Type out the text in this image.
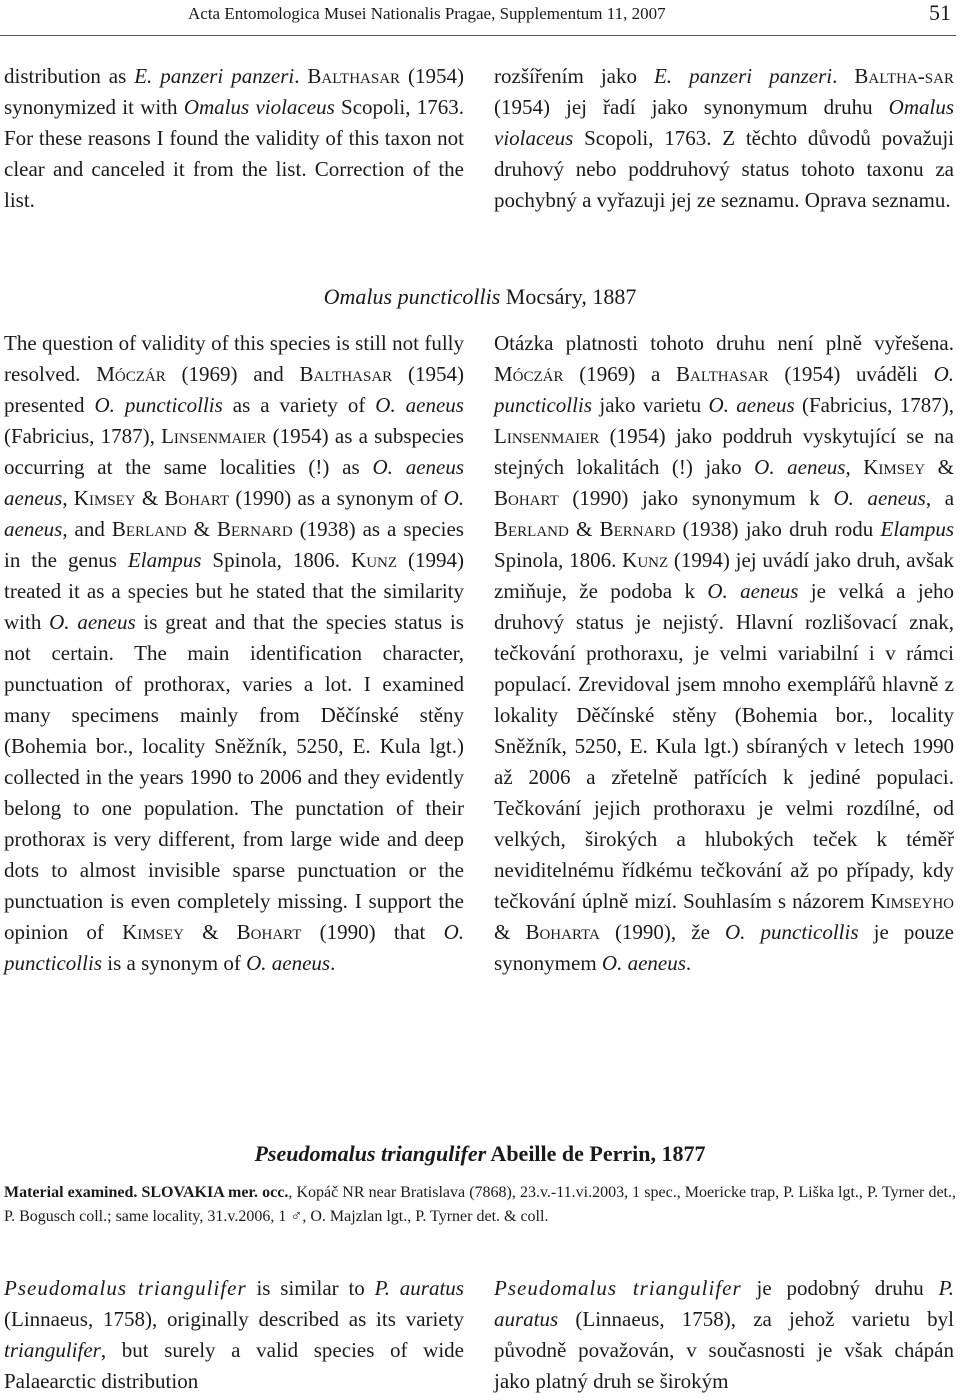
Acta Entomologica Musei Nationalis Pragae, Supplementum 11, 2007	51

distribution as E. panzeri panzeri. Balthasar (1954) synonymized it with Omalus violaceus Scopoli, 1763. For these reasons I found the validity of this taxon not clear and canceled it from the list. Correction of the list.

rozšířením jako E. panzeri panzeri. Baltha-sar (1954) jej řadí jako synonymum druhu Omalus violaceus Scopoli, 1763. Z těchto důvodů považuji druhový nebo poddruhový status tohoto taxonu za pochybný a vyřazuji jej ze seznamu. Oprava seznamu.

Omalus puncticollis Mocsáry, 1887

The question of validity of this species is still not fully resolved. Móczár (1969) and Balthasar (1954) presented O. puncticollis as a variety of O. aeneus (Fabricius, 1787), Linsenmaier (1954) as a subspecies occurring at the same localities (!) as O. aeneus aeneus, Kimsey & Bohart (1990) as a synonym of O. aeneus, and Berland & Bernard (1938) as a species in the genus Elampus Spinola, 1806. Kunz (1994) treated it as a species but he stated that the similarity with O. aeneus is great and that the species status is not certain. The main identification character, punctuation of prothorax, varies a lot. I examined many specimens mainly from Děčínské stěny (Bohemia bor., locality Sněžník, 5250, E. Kula lgt.) collected in the years 1990 to 2006 and they evidently belong to one population. The punctation of their prothorax is very different, from large wide and deep dots to almost invisible sparse punctuation or the punctuation is even completely missing. I support the opinion of Kimsey & Bohart (1990) that O. puncticollis is a synonym of O. aeneus.

Otázka platnosti tohoto druhu není plně vyřešena. Móczár (1969) a Balthasar (1954) uváděli O. puncticollis jako varietu O. aeneus (Fabricius, 1787), Linsenmaier (1954) jako poddruh vyskytující se na stejných lokalitách (!) jako O. aeneus, Kimsey & Bohart (1990) jako synonymum k O. aeneus, a Berland & Bernard (1938) jako druh rodu Elampus Spinola, 1806. Kunz (1994) jej uvádí jako druh, avšak zmiňuje, že podoba k O. aeneus je velká a jeho druhový status je nejistý. Hlavní rozlišovací znak, tečkování prothoraxu, je velmi variabilní i v rámci populací. Zrevidoval jsem mnoho exemplářů hlavně z lokality Děčínské stěny (Bohemia bor., locality Sněžník, 5250, E. Kula lgt.) sbíraných v letech 1990 až 2006 a zřetelně patřících k jediné populaci. Tečkování jejich prothoraxu je velmi rozdílné, od velkých, širokých a hlubokých teček k téměř neviditelnému řídkému tečkování až po případy, kdy tečkování úplně mizí. Souhlasím s názorem Kimseyho & Boharta (1990), že O. puncticollis je pouze synonymem O. aeneus.

Pseudomalus triangulifer Abeille de Perrin, 1877

Material examined. SLOVAKIA mer. occ., Kopáč NR near Bratislava (7868), 23.v.-11.vi.2003, 1 spec., Moericke trap, P. Liška lgt., P. Tyrner det., P. Bogusch coll.; same locality, 31.v.2006, 1 ♂, O. Majzlan lgt., P. Tyrner det. & coll.

Pseudomalus triangulifer is similar to P. auratus (Linnaeus, 1758), originally described as its variety triangulifer, but surely a valid species of wide Palaearctic distribution

Pseudomalus triangulifer je podobný druhu P. auratus (Linnaeus, 1758), za jehož varietu byl původně považován, v současnosti je však chápán jako platný druh se širokým
